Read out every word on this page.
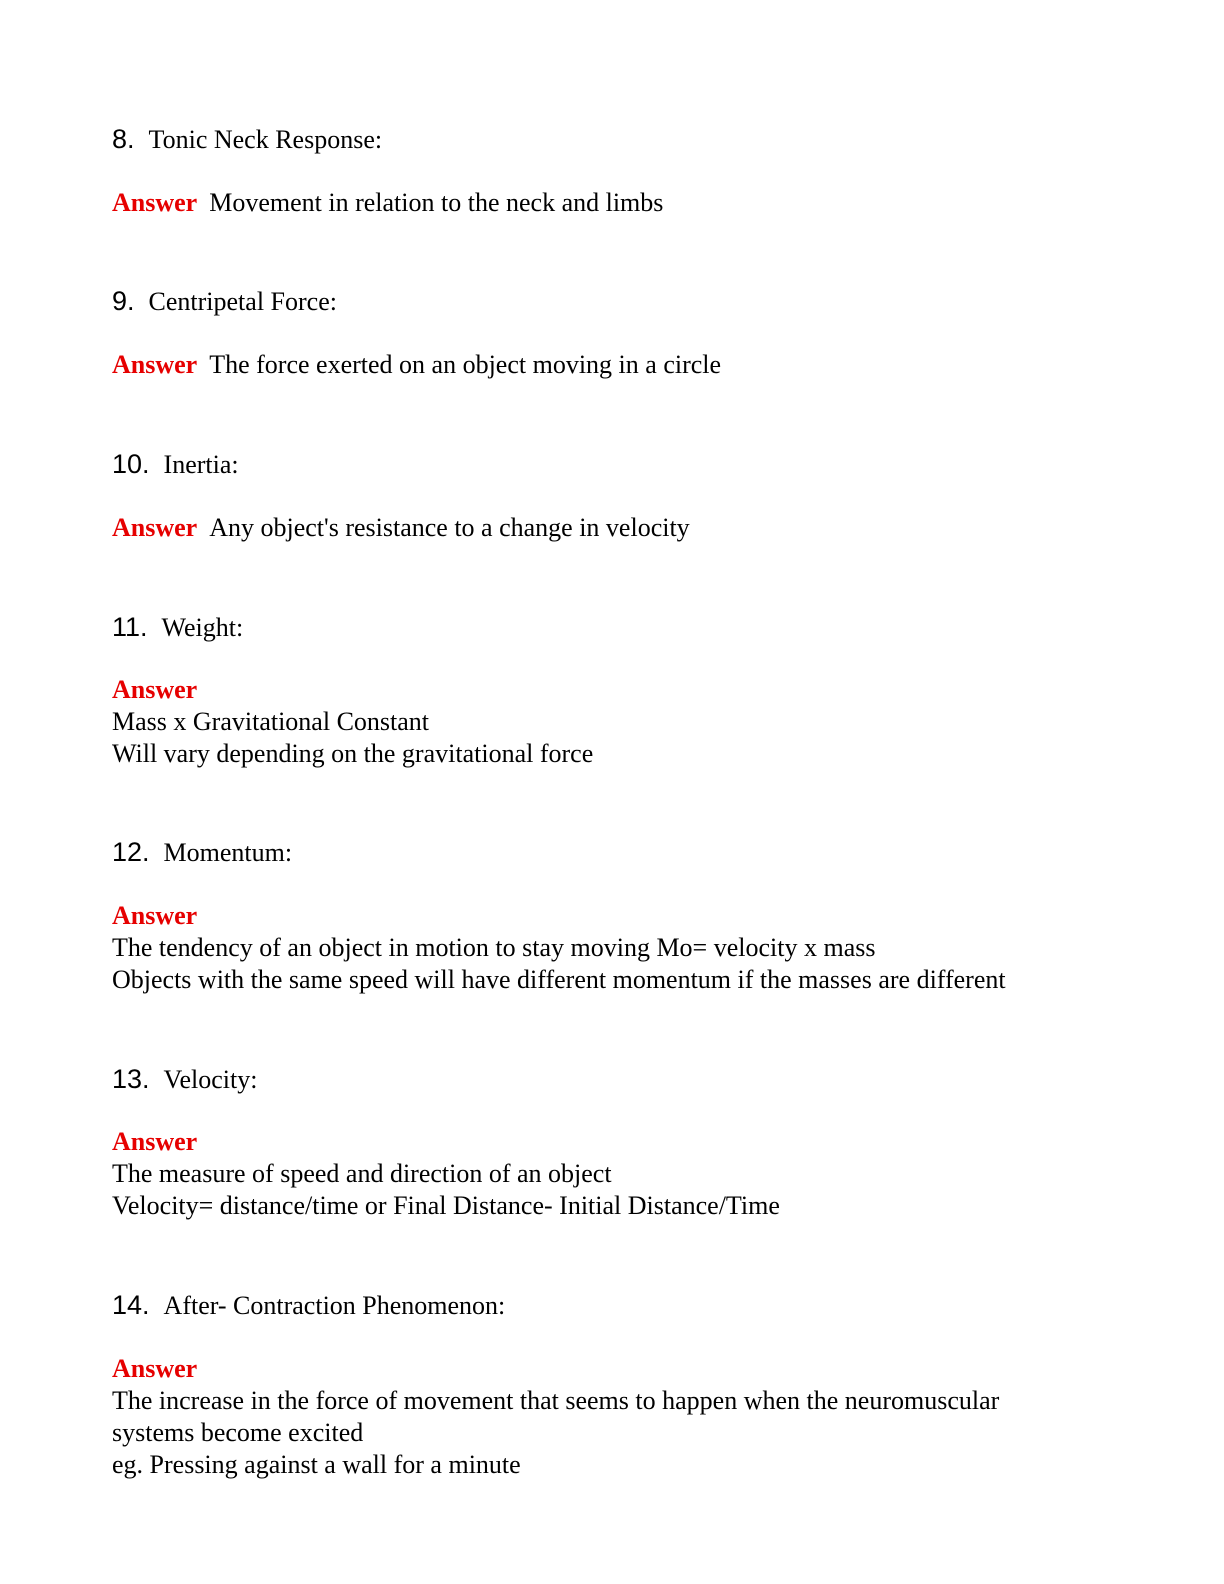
8. Tonic Neck Response:
Answer Movement in relation to the neck and limbs
9. Centripetal Force:
Answer The force exerted on an object moving in a circle
10. Inertia:
Answer Any object's resistance to a change in velocity
11. Weight:
Answer
Mass x Gravitational Constant
Will vary depending on the gravitational force
12. Momentum:
Answer
The tendency of an object in motion to stay moving Mo= velocity x mass
Objects with the same speed will have different momentum if the masses are different
13. Velocity:
Answer
The measure of speed and direction of an object
Velocity= distance/time or Final Distance- Initial Distance/Time
14. After- Contraction Phenomenon:
Answer
The increase in the force of movement that seems to happen when the neuromuscular
systems become excited
eg. Pressing against a wall for a minute
